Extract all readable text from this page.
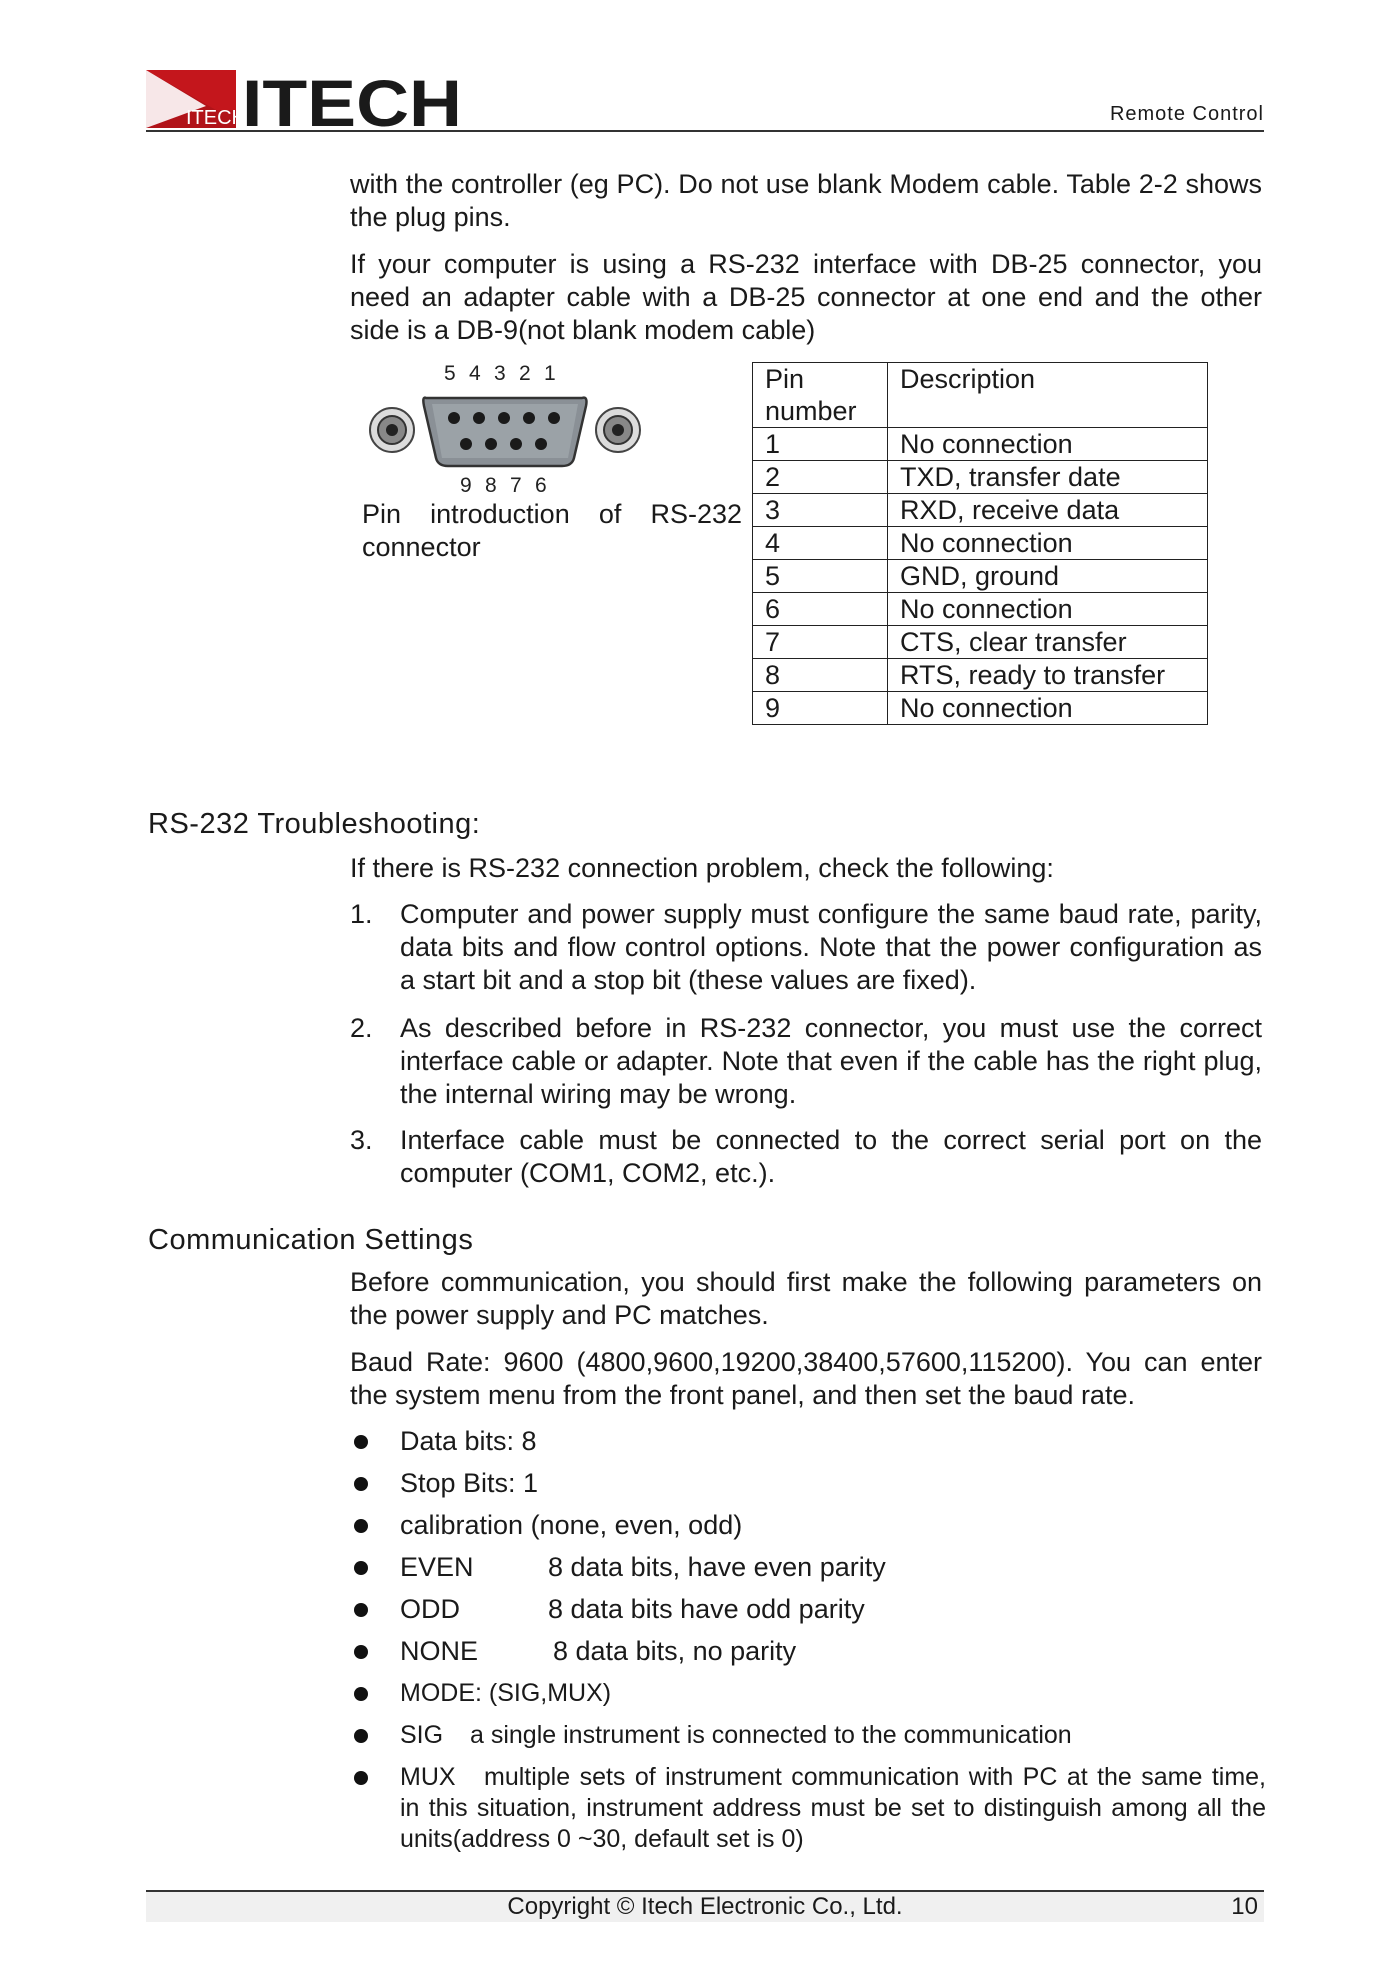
ITECH
ITECH	Remote Control

with the controller (eg PC). Do not use blank Modem cable. Table 2-2 shows the plug pins.

If your computer is using a RS-232 interface with DB-25 connector, you need an adapter cable with a DB-25 connector at one end and the other side is a DB-9(not blank modem cable)

5 4 3 2 1
9 8 7 6
Pin introduction of RS-232
connector
Pin number	Description
1	No connection
2	TXD, transfer date
3	RXD, receive data
4	No connection
5	GND, ground
6	No connection
7	CTS, clear transfer
8	RTS, ready to transfer
9	No connection
RS-232 Troubleshooting:

If there is RS-232 connection problem, check the following:

1. Computer and power supply must configure the same baud rate, parity, data bits and flow control options. Note that the power configuration as a start bit and a stop bit (these values are fixed).
2. As described before in RS-232 connector, you must use the correct interface cable or adapter. Note that even if the cable has the right plug, the internal wiring may be wrong.
3. Interface cable must be connected to the correct serial port on the computer (COM1, COM2, etc.).
Communication Settings

Before communication, you should first make the following parameters on the power supply and PC matches.

Baud Rate: 9600 (4800,9600,19200,38400,57600,115200). You can enter the system menu from the front panel, and then set the baud rate.

Data bits: 8
Stop Bits: 1
calibration (none, even, odd)
EVEN	8 data bits, have even parity
ODD	8 data bits have odd parity
NONE	8 data bits, no parity
MODE: (SIG,MUX)
SIG a single instrument is connected to the communication
MUX multiple sets of instrument communication with PC at the same time, in this situation, instrument address must be set to distinguish among all the units(address 0 ~30, default set is 0)
Copyright © Itech Electronic Co., Ltd.	10
